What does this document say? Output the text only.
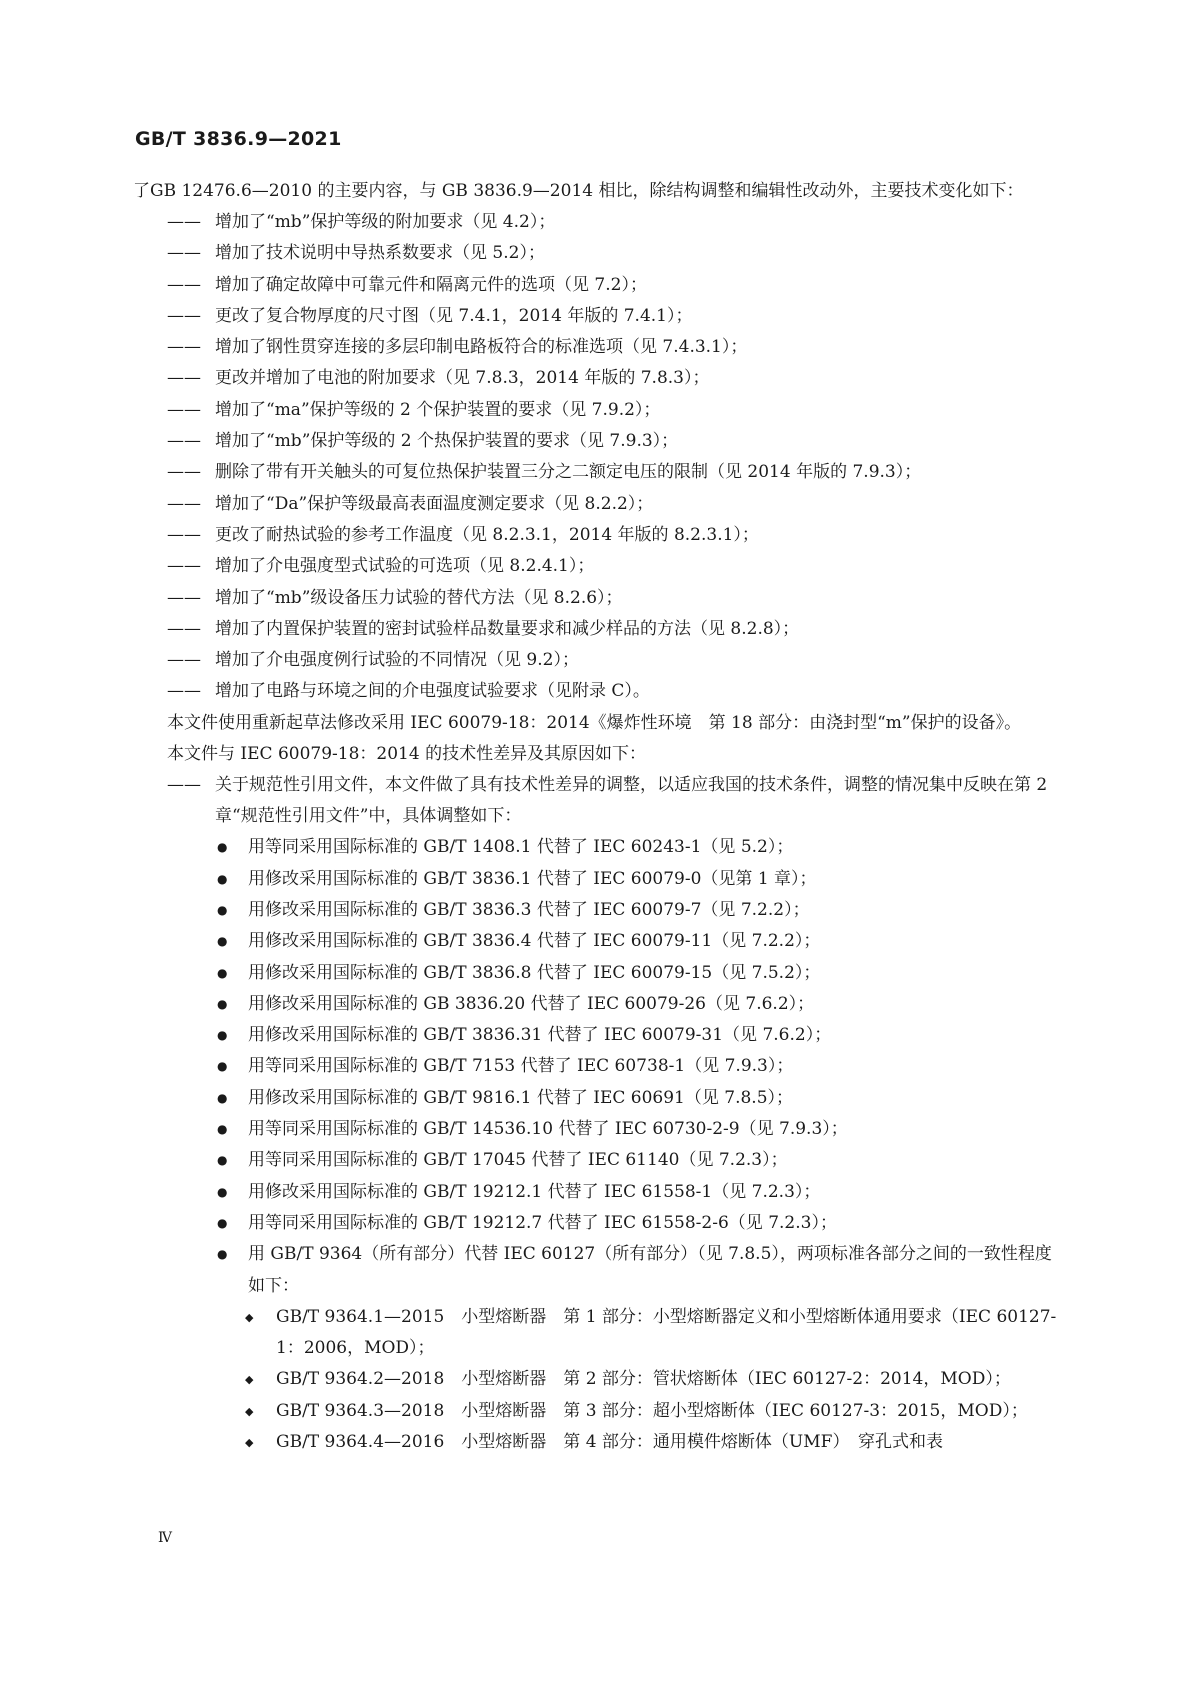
GB/T 3836.9—2021

了GB 12476.6—2010 的主要内容，与 GB 3836.9—2014 相比，除结构调整和编辑性改动外，主要技术变化如下：

—— 增加了“mb”保护等级的附加要求（见 4.2）；
—— 增加了技术说明中导热系数要求（见 5.2）；
—— 增加了确定故障中可靠元件和隔离元件的选项（见 7.2）；
—— 更改了复合物厚度的尺寸图（见 7.4.1，2014 年版的 7.4.1）；
—— 增加了钢性贯穿连接的多层印制电路板符合的标准选项（见 7.4.3.1）；
—— 更改并增加了电池的附加要求（见 7.8.3，2014 年版的 7.8.3）；
—— 增加了“ma”保护等级的 2 个保护装置的要求（见 7.9.2）；
—— 增加了“mb”保护等级的 2 个热保护装置的要求（见 7.9.3）；
—— 删除了带有开关触头的可复位热保护装置三分之二额定电压的限制（见 2014 年版的 7.9.3）；
—— 增加了“Da”保护等级最高表面温度测定要求（见 8.2.2）；
—— 更改了耐热试验的参考工作温度（见 8.2.3.1，2014 年版的 8.2.3.1）；
—— 增加了介电强度型式试验的可选项（见 8.2.4.1）；
—— 增加了“mb”级设备压力试验的替代方法（见 8.2.6）；
—— 增加了内置保护装置的密封试验样品数量要求和减少样品的方法（见 8.2.8）；
—— 增加了介电强度例行试验的不同情况（见 9.2）；
—— 增加了电路与环境之间的介电强度试验要求（见附录 C）。

本文件使用重新起草法修改采用 IEC 60079-18：2014《爆炸性环境　第 18 部分：由浇封型“m”保护的设备》。

本文件与 IEC 60079-18：2014 的技术性差异及其原因如下：

—— 关于规范性引用文件，本文件做了具有技术性差异的调整，以适应我国的技术条件，调整的情况集中反映在第 2 章“规范性引用文件”中，具体调整如下：
● 用等同采用国际标准的 GB/T 1408.1 代替了 IEC 60243-1（见 5.2）；
● 用修改采用国际标准的 GB/T 3836.1 代替了 IEC 60079-0（见第 1 章）；
● 用修改采用国际标准的 GB/T 3836.3 代替了 IEC 60079-7（见 7.2.2）；
● 用修改采用国际标准的 GB/T 3836.4 代替了 IEC 60079-11（见 7.2.2）；
● 用修改采用国际标准的 GB/T 3836.8 代替了 IEC 60079-15（见 7.5.2）；
● 用修改采用国际标准的 GB 3836.20 代替了 IEC 60079-26（见 7.6.2）；
● 用修改采用国际标准的 GB/T 3836.31 代替了 IEC 60079-31（见 7.6.2）；
● 用等同采用国际标准的 GB/T 7153 代替了 IEC 60738-1（见 7.9.3）；
● 用修改采用国际标准的 GB/T 9816.1 代替了 IEC 60691（见 7.8.5）；
● 用等同采用国际标准的 GB/T 14536.10 代替了 IEC 60730-2-9（见 7.9.3）；
● 用等同采用国际标准的 GB/T 17045 代替了 IEC 61140（见 7.2.3）；
● 用修改采用国际标准的 GB/T 19212.1 代替了 IEC 61558-1（见 7.2.3）；
● 用等同采用国际标准的 GB/T 19212.7 代替了 IEC 61558-2-6（见 7.2.3）；
● 用 GB/T 9364（所有部分）代替 IEC 60127（所有部分）（见 7.8.5），两项标准各部分之间的一致性程度如下：
◆ GB/T 9364.1—2015　小型熔断器　第 1 部分：小型熔断器定义和小型熔断体通用要求（IEC 60127-1：2006，MOD）；
◆ GB/T 9364.2—2018　小型熔断器　第 2 部分：管状熔断体（IEC 60127-2：2014，MOD）；
◆ GB/T 9364.3—2018　小型熔断器　第 3 部分：超小型熔断体（IEC 60127-3：2015，MOD）；
◆ GB/T 9364.4—2016　小型熔断器　第 4 部分：通用模件熔断体（UMF）　穿孔式和表
Ⅳ
